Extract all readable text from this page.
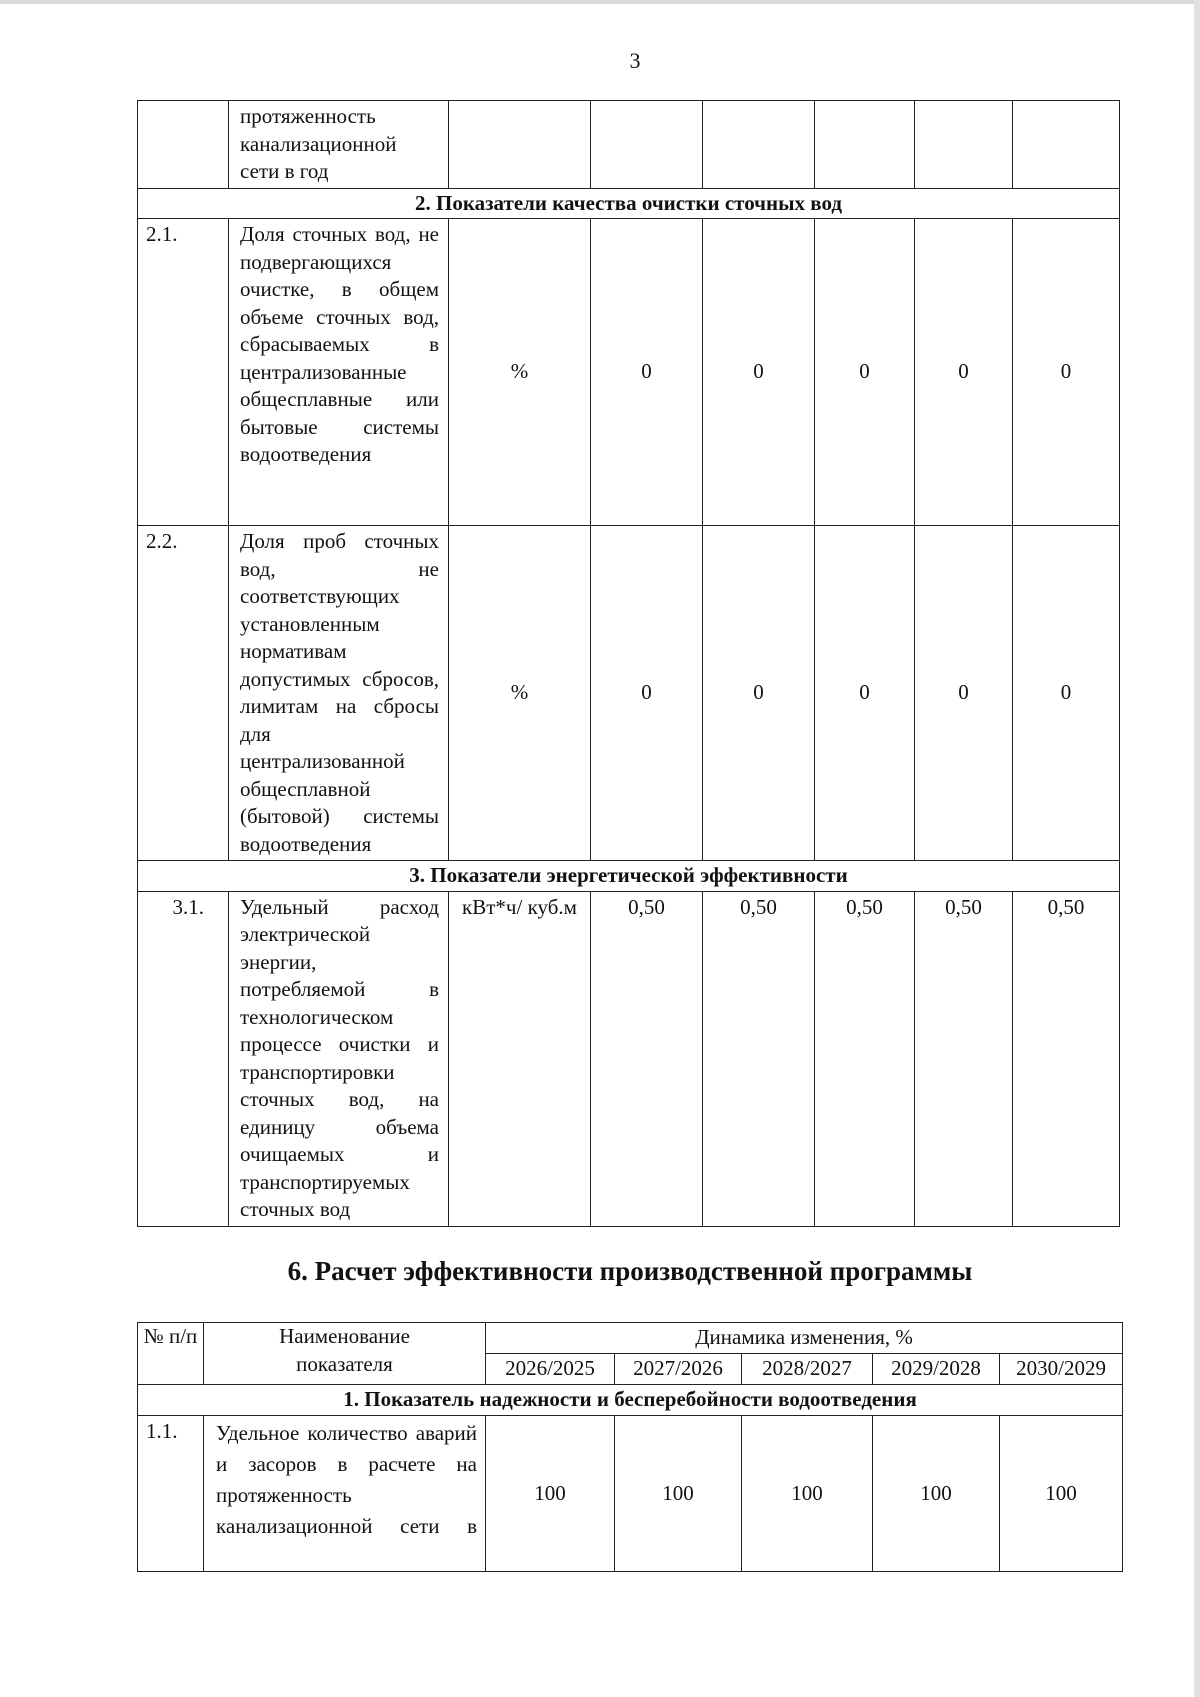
3
	протяженность канализационной сети в год						
2. Показатели качества очистки сточных вод							
2.1.	Доля сточных вод, не подвергающихся очистке, в общем объеме сточных вод, сбрасываемых в централизованные общесплавные или бытовые системы водоотведения	%	0	0	0	0	0
2.2.	Доля проб сточных вод, не соответствующих установленным нормативам допустимых сбросов, лимитам на сбросы для централизованной общесплавной (бытовой) системы водоотведения	%	0	0	0	0	0
3. Показатели энергетической эффективности							
3.1.	Удельный расход электрической энергии, потребляемой в технологическом процессе очистки и транспортировки сточных вод, на единицу объема очищаемых и транспортируемых сточных вод	кВт*ч/ куб.м	0,50	0,50	0,50	0,50	0,50
6. Расчет эффективности производственной программы
№ п/п	Наименование показателя	Динамика изменения, %				
		2026/2025	2027/2026	2028/2027	2029/2028	2030/2029
1. Показатель надежности и бесперебойности водоотведения						
1.1.	Удельное количество аварий и засоров в расчете на протяженность канализационной сети в	100	100	100	100	100
